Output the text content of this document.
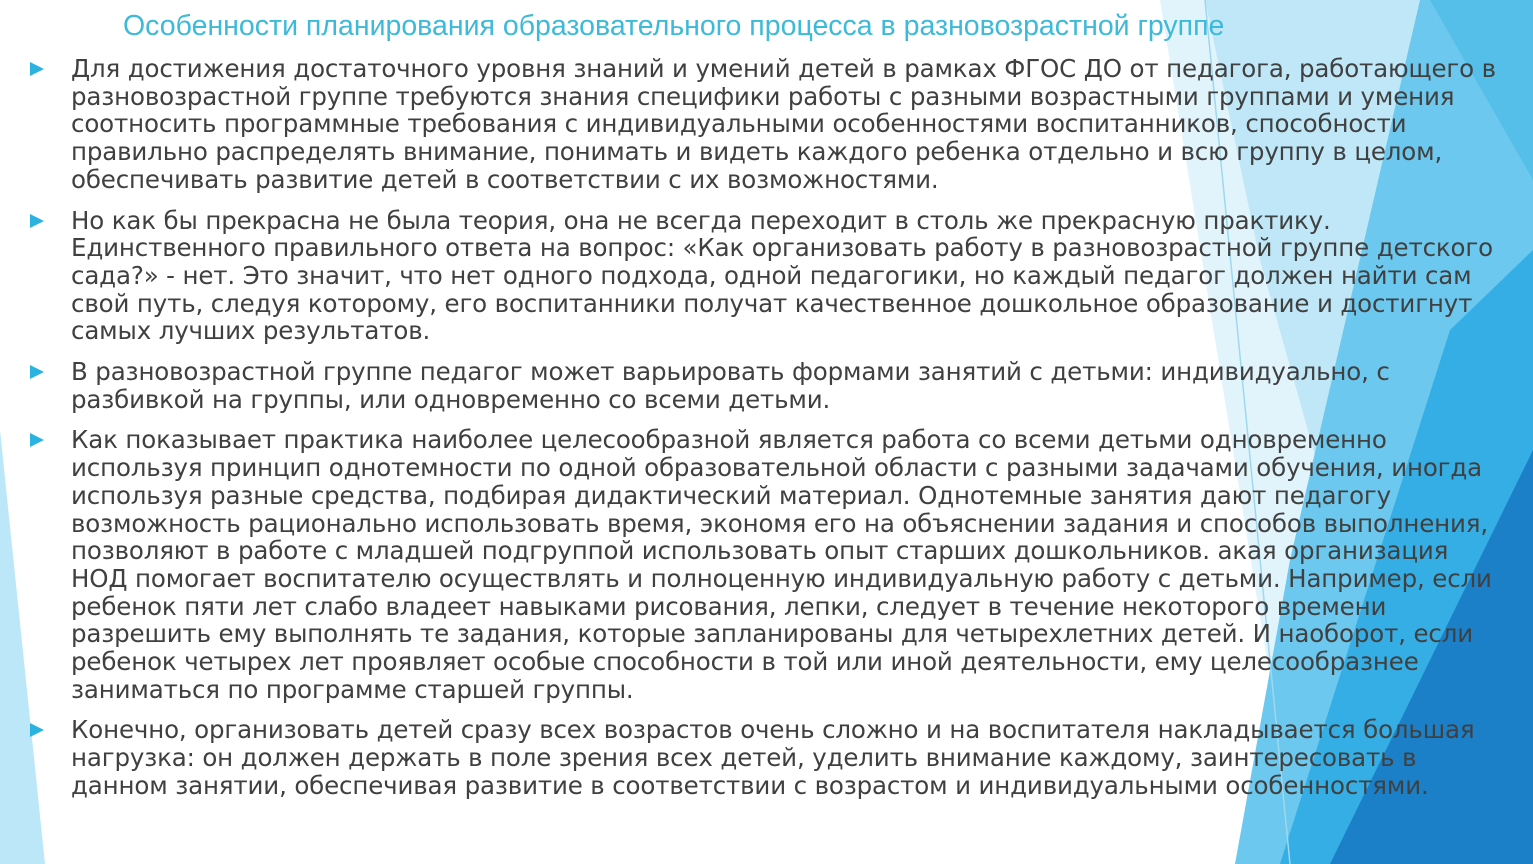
Особенности планирования образовательного процесса в разновозрастной группе
Для достижения достаточного уровня знаний и умений детей в рамках ФГОС ДО от педагога, работающего в разновозрастной группе требуются знания специфики работы с разными возрастными группами и умения соотносить программные требования с индивидуальными особенностями воспитанников, способности правильно распределять внимание, понимать и видеть каждого ребенка отдельно и всю группу в целом, обеспечивать развитие детей в соответствии с их возможностями.
Но как бы прекрасна не была теория, она не всегда переходит в столь же прекрасную практику. Единственного правильного ответа на вопрос: «Как организовать работу в разновозрастной группе детского сада?» - нет. Это значит, что нет одного подхода, одной педагогики, но каждый педагог должен найти сам свой путь, следуя которому, его воспитанники получат качественное дошкольное образование и достигнут самых лучших результатов.
В разновозрастной группе педагог может варьировать формами занятий с детьми: индивидуально, с разбивкой на группы, или одновременно со всеми детьми.
Как показывает практика наиболее целесообразной является работа со всеми детьми одновременно используя принцип однотемности по одной образовательной области с разными задачами обучения, иногда используя разные средства, подбирая дидактический материал. Однотемные занятия дают педагогу возможность рационально использовать время, экономя его на объяснении задания и способов выполнения, позволяют в работе с младшей подгруппой использовать опыт старших дошкольников. акая организация НОД помогает воспитателю осуществлять и полноценную индивидуальную работу с детьми. Например, если ребенок пяти лет слабо владеет навыками рисования, лепки, следует в течение некоторого времени разрешить ему выполнять те задания, которые запланированы для четырехлетних детей. И наоборот, если ребенок четырех лет проявляет особые способности в той или иной деятельности, ему целесообразнее заниматься по программе старшей группы.
Конечно, организовать детей сразу всех возрастов очень сложно и на воспитателя накладывается большая нагрузка: он должен держать в поле зрения всех детей, уделить внимание каждому, заинтересовать в данном занятии, обеспечивая развитие в соответствии с возрастом и индивидуальными особенностями.
